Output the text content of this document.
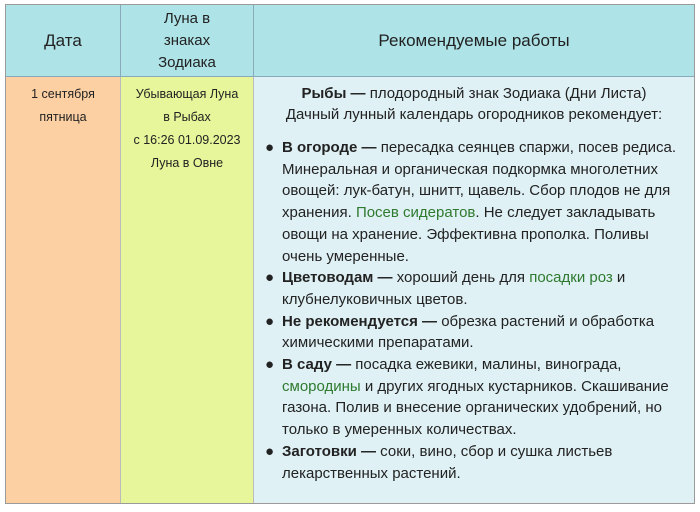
Дата
Луна в
знаках
Зодиака
Рекомендуемые работы
1 сентября
пятница
Убывающая Луна
в Рыбах
с 16:26 01.09.2023
Луна в Овне
Рыбы — плодородный знак Зодиака (Дни Листа)
Дачный лунный календарь огородников рекомендует:
● В огороде — пересадка сеянцев спаржи, посев редиса. Минеральная и органическая подкормка многолетних овощей: лук-батун, шнитт, щавель. Сбор плодов не для хранения. Посев сидератов. Не следует закладывать овощи на хранение. Эффективна прополка. Поливы очень умеренные.
● Цветоводам — хороший день для посадки роз и клубнелуковичных цветов.
● Не рекомендуется — обрезка растений и обработка химическими препаратами.
● В саду — посадка ежевики, малины, винограда, смородины и других ягодных кустарников. Скашивание газона. Полив и внесение органических удобрений, но только в умеренных количествах.
● Заготовки — соки, вино, сбор и сушка листьев лекарственных растений.
